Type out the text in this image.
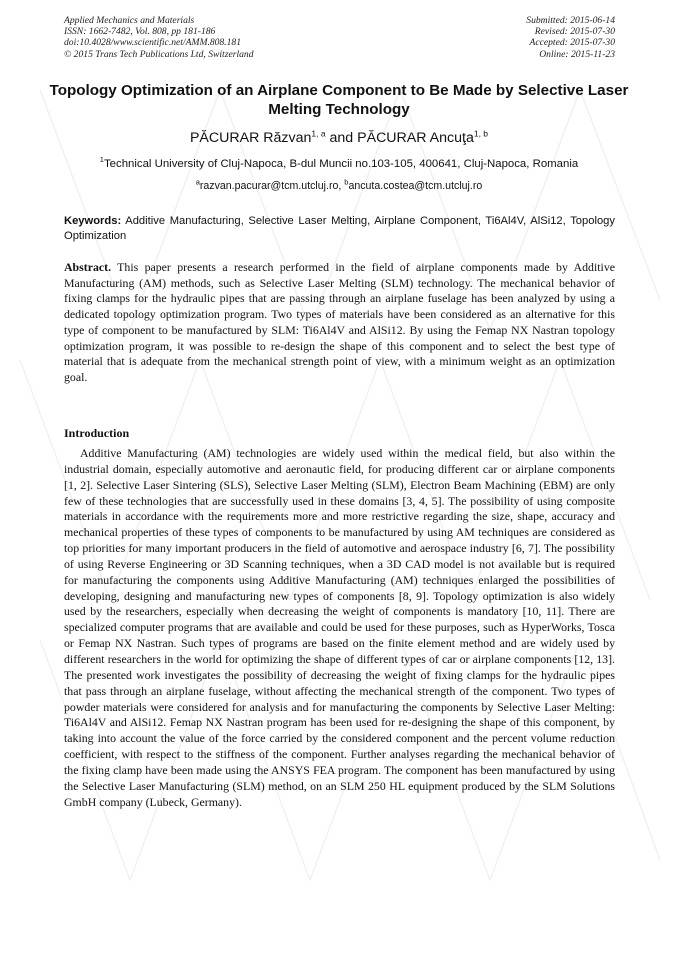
Applied Mechanics and Materials
ISSN: 1662-7482, Vol. 808, pp 181-186
doi:10.4028/www.scientific.net/AMM.808.181
© 2015 Trans Tech Publications Ltd, Switzerland
Submitted: 2015-06-14
Revised: 2015-07-30
Accepted: 2015-07-30
Online: 2015-11-23
Topology Optimization of an Airplane Component to Be Made by Selective Laser Melting Technology
PĂCURAR Răzvan$^{1, a}$ and PĂCURAR Ancuţa$^{1, b}$
$^1$Technical University of Cluj-Napoca, B-dul Muncii no.103-105, 400641, Cluj-Napoca, Romania
$^a$razvan.pacurar@tcm.utcluj.ro, $^b$ancuta.costea@tcm.utcluj.ro
Keywords: Additive Manufacturing, Selective Laser Melting, Airplane Component, Ti6Al4V, AlSi12, Topology Optimization
Abstract. This paper presents a research performed in the field of airplane components made by Additive Manufacturing (AM) methods, such as Selective Laser Melting (SLM) technology. The mechanical behavior of fixing clamps for the hydraulic pipes that are passing through an airplane fuselage has been analyzed by using a dedicated topology optimization program. Two types of materials have been considered as an alternative for this type of component to be manufactured by SLM: Ti6Al4V and AlSi12. By using the Femap NX Nastran topology optimization program, it was possible to re-design the shape of this component and to select the best type of material that is adequate from the mechanical strength point of view, with a minimum weight as an optimization goal.
Introduction

Additive Manufacturing (AM) technologies are widely used within the medical field, but also within the industrial domain, especially automotive and aeronautic field, for producing different car or airplane components [1, 2]. Selective Laser Sintering (SLS), Selective Laser Melting (SLM), Electron Beam Machining (EBM) are only few of these technologies that are successfully used in these domains [3, 4, 5]. The possibility of using composite materials in accordance with the requirements more and more restrictive regarding the size, shape, accuracy and mechanical properties of these types of components to be manufactured by using AM techniques are considered as top priorities for many important producers in the field of automotive and aerospace industry [6, 7]. The possibility of using Reverse Engineering or 3D Scanning techniques, when a 3D CAD model is not available but is required for manufacturing the components using Additive Manufacturing (AM) techniques enlarged the possibilities of developing, designing and manufacturing new types of components [8, 9]. Topology optimization is also widely used by the researchers, especially when decreasing the weight of components is mandatory [10, 11]. There are specialized computer programs that are available and could be used for these purposes, such as HyperWorks, Tosca or Femap NX Nastran. Such types of programs are based on the finite element method and are widely used by different researchers in the world for optimizing the shape of different types of car or airplane components [12, 13]. The presented work investigates the possibility of decreasing the weight of fixing clamps for the hydraulic pipes that pass through an airplane fuselage, without affecting the mechanical strength of the component. Two types of powder materials were considered for analysis and for manufacturing the components by Selective Laser Melting: Ti6Al4V and AlSi12. Femap NX Nastran program has been used for re-designing the shape of this component, by taking into account the value of the force carried by the considered component and the percent volume reduction coefficient, with respect to the stiffness of the component. Further analyses regarding the mechanical behavior of the fixing clamp have been made using the ANSYS FEA program. The component has been manufactured by using the Selective Laser Manufacturing (SLM) method, on an SLM 250 HL equipment produced by the SLM Solutions GmbH company (Lubeck, Germany).
